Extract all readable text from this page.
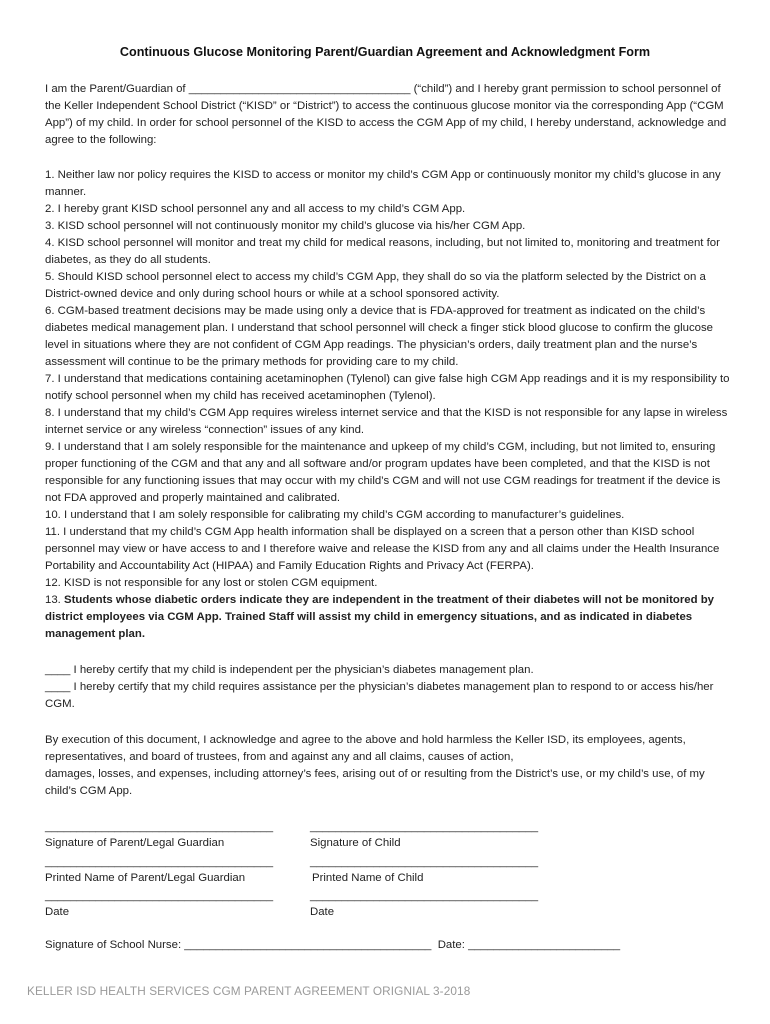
Continuous Glucose Monitoring Parent/Guardian Agreement and Acknowledgment Form

I am the Parent/Guardian of ___________________________________ (“child”) and I hereby grant permission to school personnel of the Keller Independent School District (“KISD” or “District”) to access the continuous glucose monitor via the corresponding App (“CGM App”) of my child. In order for school personnel of the KISD to access the CGM App of my child, I hereby understand, acknowledge and agree to the following:

1. Neither law nor policy requires the KISD to access or monitor my child’s CGM App or continuously monitor my child’s glucose in any manner.

2. I hereby grant KISD school personnel any and all access to my child’s CGM App.

3. KISD school personnel will not continuously monitor my child’s glucose via his/her CGM App.

4. KISD school personnel will monitor and treat my child for medical reasons, including, but not limited to, monitoring and treatment for diabetes, as they do all students.

5. Should KISD school personnel elect to access my child’s CGM App, they shall do so via the platform selected by the District on a District-owned device and only during school hours or while at a school sponsored activity.

6. CGM-based treatment decisions may be made using only a device that is FDA-approved for treatment as indicated on the child’s diabetes medical management plan. I understand that school personnel will check a finger stick blood glucose to confirm the glucose level in situations where they are not confident of CGM App readings. The physician’s orders, daily treatment plan and the nurse’s assessment will continue to be the primary methods for providing care to my child.

7. I understand that medications containing acetaminophen (Tylenol) can give false high CGM App readings and it is my responsibility to notify school personnel when my child has received acetaminophen (Tylenol).

8. I understand that my child’s CGM App requires wireless internet service and that the KISD is not responsible for any lapse in wireless internet service or any wireless “connection” issues of any kind.

9. I understand that I am solely responsible for the maintenance and upkeep of my child’s CGM, including, but not limited to, ensuring proper functioning of the CGM and that any and all software and/or program updates have been completed, and that the KISD is not responsible for any functioning issues that may occur with my child’s CGM and will not use CGM readings for treatment if the device is not FDA approved and properly maintained and calibrated.

10. I understand that I am solely responsible for calibrating my child’s CGM according to manufacturer’s guidelines.

11. I understand that my child’s CGM App health information shall be displayed on a screen that a person other than KISD school personnel may view or have access to and I therefore waive and release the KISD from any and all claims under the Health Insurance Portability and Accountability Act (HIPAA) and Family Education Rights and Privacy Act (FERPA).

12. KISD is not responsible for any lost or stolen CGM equipment.

13. Students whose diabetic orders indicate they are independent in the treatment of their diabetes will not be monitored by district employees via CGM App. Trained Staff will assist my child in emergency situations, and as indicated in diabetes management plan.

____ I hereby certify that my child is independent per the physician’s diabetes management plan.

____ I hereby certify that my child requires assistance per the physician’s diabetes management plan to respond to or access his/her CGM.

By execution of this document, I acknowledge and agree to the above and hold harmless the Keller ISD, its employees, agents, representatives, and board of trustees, from and against any and all claims, causes of action,

damages, losses, and expenses, including attorney’s fees, arising out of or resulting from the District’s use, or my child’s use, of my child’s CGM App.

____________________________________	____________________________________
Signature of Parent/Legal Guardian	Signature of Child
____________________________________	____________________________________
Printed Name of Parent/Legal Guardian	Printed Name of Child
____________________________________	____________________________________
Date	Date
Signature of School Nurse: _______________________________________  Date: ________________________
KELLER ISD HEALTH SERVICES CGM PARENT AGREEMENT ORIGNIAL 3-2018
